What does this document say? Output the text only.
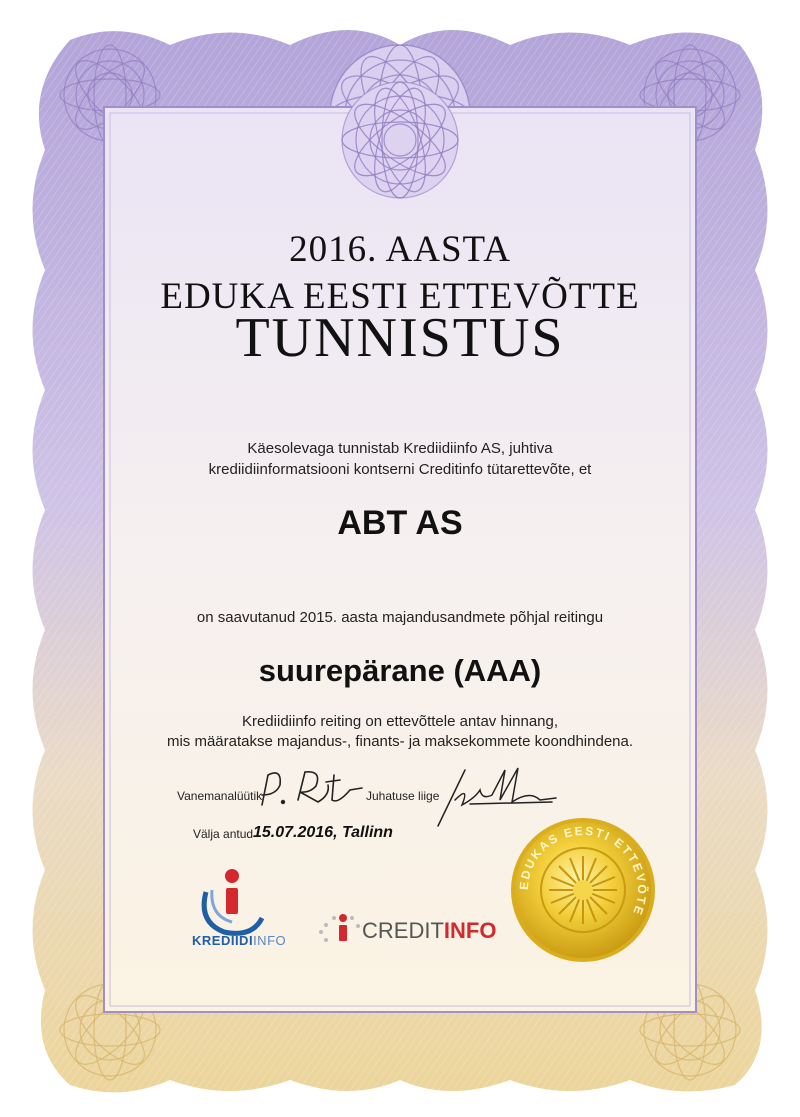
EDUKAS EESTI ETTEVÕTE
2016. AASTA
EDUKA EESTI ETTEVÕTTE
TUNNISTUS
Käesolevaga tunnistab Krediidiinfo AS, juhtiva
krediidiinformatsiooni kontserni Creditinfo tütarettevõte, et
ABT AS
on saavutanud 2015. aasta majandusandmete põhjal reitingu
suurepärane (AAA)
Krediidiinfo reiting on ettevõttele antav hinnang,
mis määratakse majandus-, finants- ja maksekommete koondhindena.
Vanemanalüütik	Juhatuse liige
Välja antud 15.07.2016, Tallinn
KREDIIDIINFO	CREDITINFO
